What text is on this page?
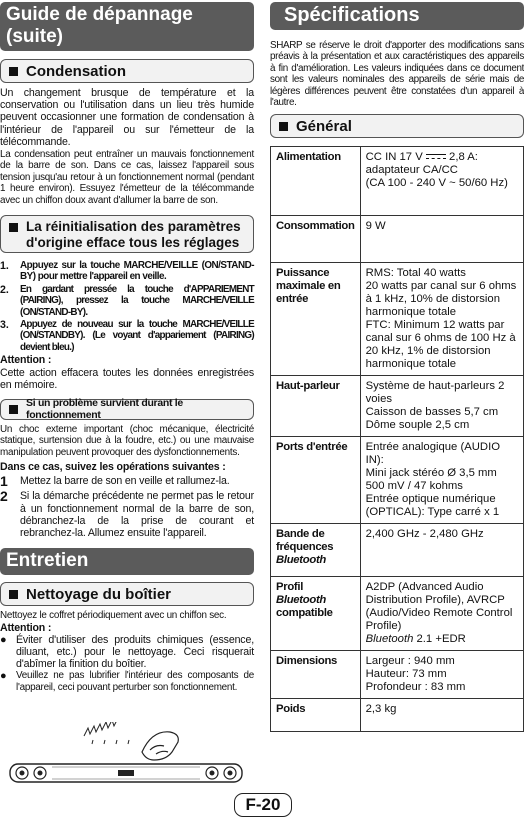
Guide de dépannage (suite)
Condensation

Un changement brusque de température et la conservation ou l'utilisation dans un lieu très humide peuvent occasionner une formation de condensation à l'intérieur de l'appareil ou sur l'émetteur de la télécommande.

La condensation peut entraîner un mauvais fonctionnement de la barre de son. Dans ce cas, laissez l'appareil sous tension jusqu'au retour à un fonctionnement normal (pendant 1 heure environ). Essuyez l'émetteur de la télécommande avec un chiffon doux avant d'allumer la barre de son.

La réinitialisation des paramètres
d'origine efface tous les réglages
1.	Appuyez sur la touche MARCHE/VEILLE (ON/STAND-BY) pour mettre l'appareil en veille.
2.	En gardant pressée la touche d'APPARIEMENT (PAIRING), pressez la touche MARCHE/VEILLE (ON/STAND-BY).
3.	Appuyez de nouveau sur la touche MARCHE/VEILLE (ON/STANDBY). (Le voyant d'appariement (PAIRING) devient bleu.)

Attention :

Cette action effacera toutes les données enregistrées en mémoire.

Si un problème survient durant le fonctionnement

Un choc externe important (choc mécanique, électricité statique, surtension due à la foudre, etc.) ou une mauvaise manipulation peuvent provoquer des dysfonctionnements.

Dans ce cas, suivez les opérations suivantes :

1	Mettez la barre de son en veille et rallumez-la.
2	Si la démarche précédente ne permet pas le retour à un fonctionnement normal de la barre de son, débranchez-la de la prise de courant et rebranchez-la. Allumez ensuite l'appareil.
Entretien
Nettoyage du boîtier

Nettoyez le coffret périodiquement avec un chiffon sec.

Attention :

● Éviter d'utiliser des produits chimiques (essence, diluant, etc.) pour le nettoyage. Ceci risquerait d'abîmer la finition du boîtier.
● Veuillez ne pas lubrifier l'intérieur des composants de l'appareil, ceci pouvant perturber son fonctionnement.
Spécifications

SHARP se réserve le droit d'apporter des modifications sans préavis à la présentation et aux caractéristiques des appareils à fin d'amélioration. Les valeurs indiquées dans ce document sont les valeurs nominales des appareils de série mais de légères différences peuvent être constatées d'un appareil à l'autre.

Général
Alimentation	CC IN 17 V 2,8 A:
adaptateur CA/CC
(CA 100 - 240 V ~ 50/60 Hz)
Consommation	9 W
Puissance maximale en entrée	RMS: Total 40 watts
20 watts par canal sur 6 ohms à 1 kHz, 10% de distorsion harmonique totale
FTC: Minimum 12 watts par canal sur 6 ohms de 100 Hz à
20 kHz, 1% de distorsion harmonique totale
Haut-parleur	Système de haut-parleurs 2 voies
Caisson de basses 5,7 cm
Dôme souple 2,5 cm
Ports d'entrée	Entrée analogique (AUDIO IN):
Mini jack stéréo Ø 3,5 mm
500 mV / 47 kohms
Entrée optique numérique (OPTICAL): Type carré x 1
Bande de fréquences
Bluetooth	2,400 GHz - 2,480 GHz
Profil
Bluetooth
compatible	A2DP (Advanced Audio Distribution Profile), AVRCP (Audio/Video Remote Control Profile)
Bluetooth 2.1 +EDR
Dimensions	Largeur : 940 mm
Hauteur: 73 mm
Profondeur : 83 mm
Poids	2,3 kg
F-20
